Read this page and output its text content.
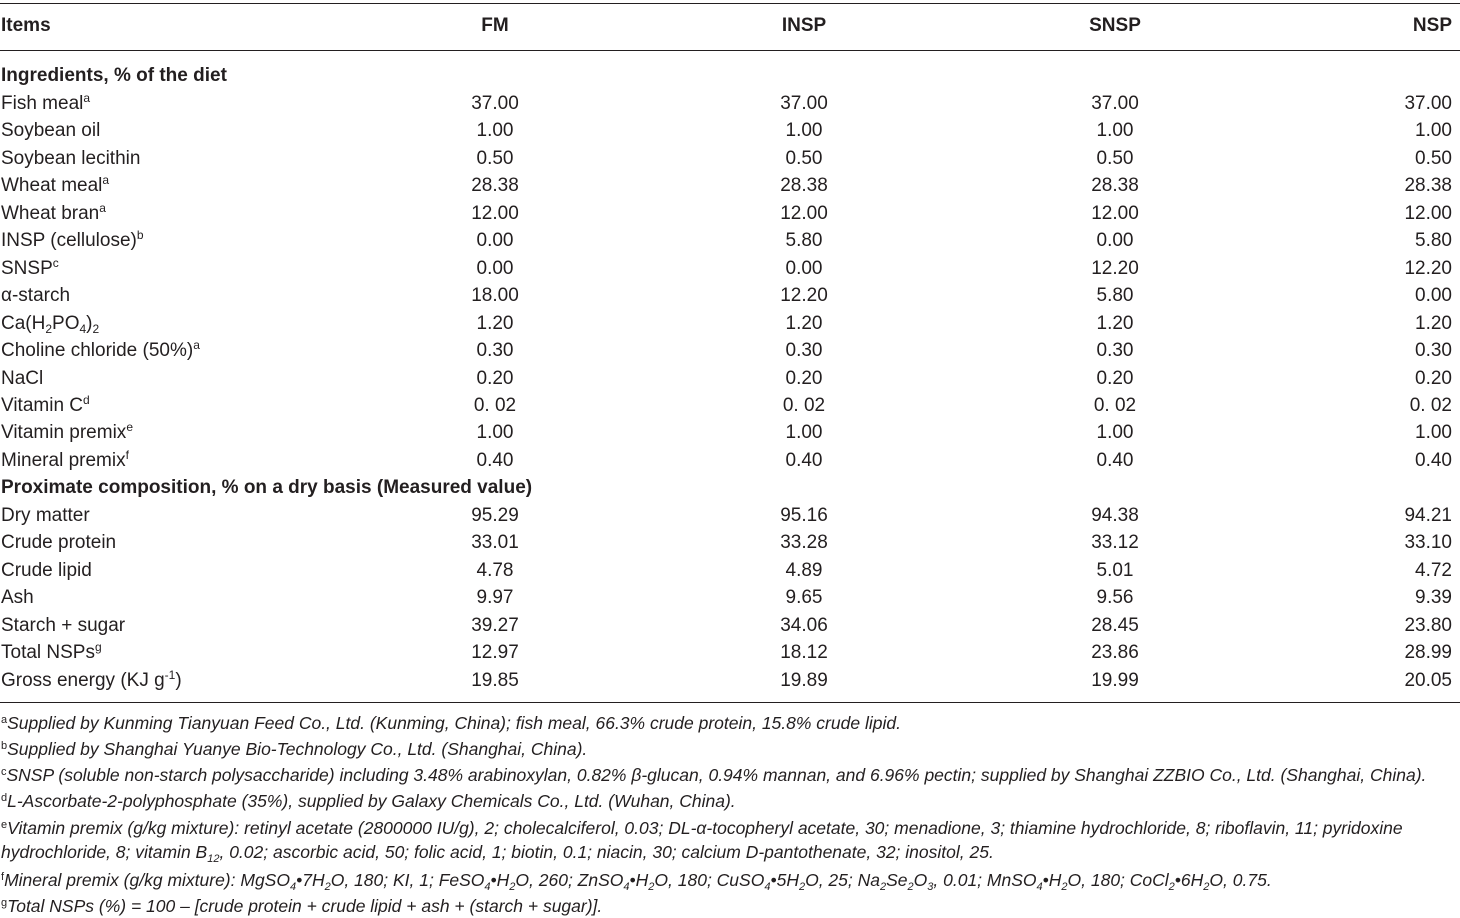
Items	FM	INSP	SNSP	NSP
Ingredients, % of the diet
Fish meal$^a$	37.00	37.00	37.00	37.00
Soybean oil	1.00	1.00	1.00	1.00
Soybean lecithin	0.50	0.50	0.50	0.50
Wheat meal$^a$	28.38	28.38	28.38	28.38
Wheat bran$^a$	12.00	12.00	12.00	12.00
INSP (cellulose)$^b$	0.00	5.80	0.00	5.80
SNSP$^c$	0.00	0.00	12.20	12.20
α-starch	18.00	12.20	5.80	0.00
$Ca(H_2PO_4)_2$	1.20	1.20	1.20	1.20
Choline chloride $(50\%)^a$	0.30	0.30	0.30	0.30
NaCl	0.20	0.20	0.20	0.20
Vitamin $C^d$	0. 02	0. 02	0. 02	0. 02
Vitamin premix$^e$	1.00	1.00	1.00	1.00
Mineral premix$^f$	0.40	0.40	0.40	0.40
Proximate composition, % on a dry basis (Measured value)
Dry matter	95.29	95.16	94.38	94.21
Crude protein	33.01	33.28	33.12	33.10
Crude lipid	4.78	4.89	5.01	4.72
Ash	9.97	9.65	9.56	9.39
Starch + sugar	39.27	34.06	28.45	23.80
Total NSPs$^g$	12.97	18.12	23.86	28.99
Gross energy (KJ $g^{-1}$)	19.85	19.89	19.99	20.05
$^a$Supplied by Kunming Tianyuan Feed Co., Ltd. (Kunming, China); fish meal, 66.3% crude protein, 15.8% crude lipid.
$^b$Supplied by Shanghai Yuanye Bio-Technology Co., Ltd. (Shanghai, China).
$^c$SNSP (soluble non-starch polysaccharide) including 3.48% arabinoxylan, 0.82% β-glucan, 0.94% mannan, and 6.96% pectin; supplied by Shanghai ZZBIO Co., Ltd. (Shanghai, China).
$^d$L-Ascorbate-2-polyphosphate (35%), supplied by Galaxy Chemicals Co., Ltd. (Wuhan, China).
$^e$Vitamin premix (g/kg mixture): retinyl acetate (2800000 IU/g), 2; cholecalciferol, 0.03; DL-α-tocopheryl acetate, 30; menadione, 3; thiamine hydrochloride, 8; riboflavin, 11; pyridoxine
hydrochloride, 8; vitamin $B_{12}$, 0.02; ascorbic acid, 50; folic acid, 1; biotin, 0.1; niacin, 30; calcium D-pantothenate, 32; inositol, 25.
$^f$Mineral premix (g/kg mixture): $MgSO_4•7H_2O$, 180; KI, 1; $FeSO_4•H_2O$, 260; $ZnSO_4•H_2O$, 180; $CuSO_4•5H_2O$, 25; $Na_2Se_2O_3$, 0.01; $MnSO_4•H_2O$, 180; $CoCl_2•6H_2O$, 0.75.
$^g$Total NSPs (%) = 100 – [crude protein + crude lipid + ash + (starch + sugar)].
